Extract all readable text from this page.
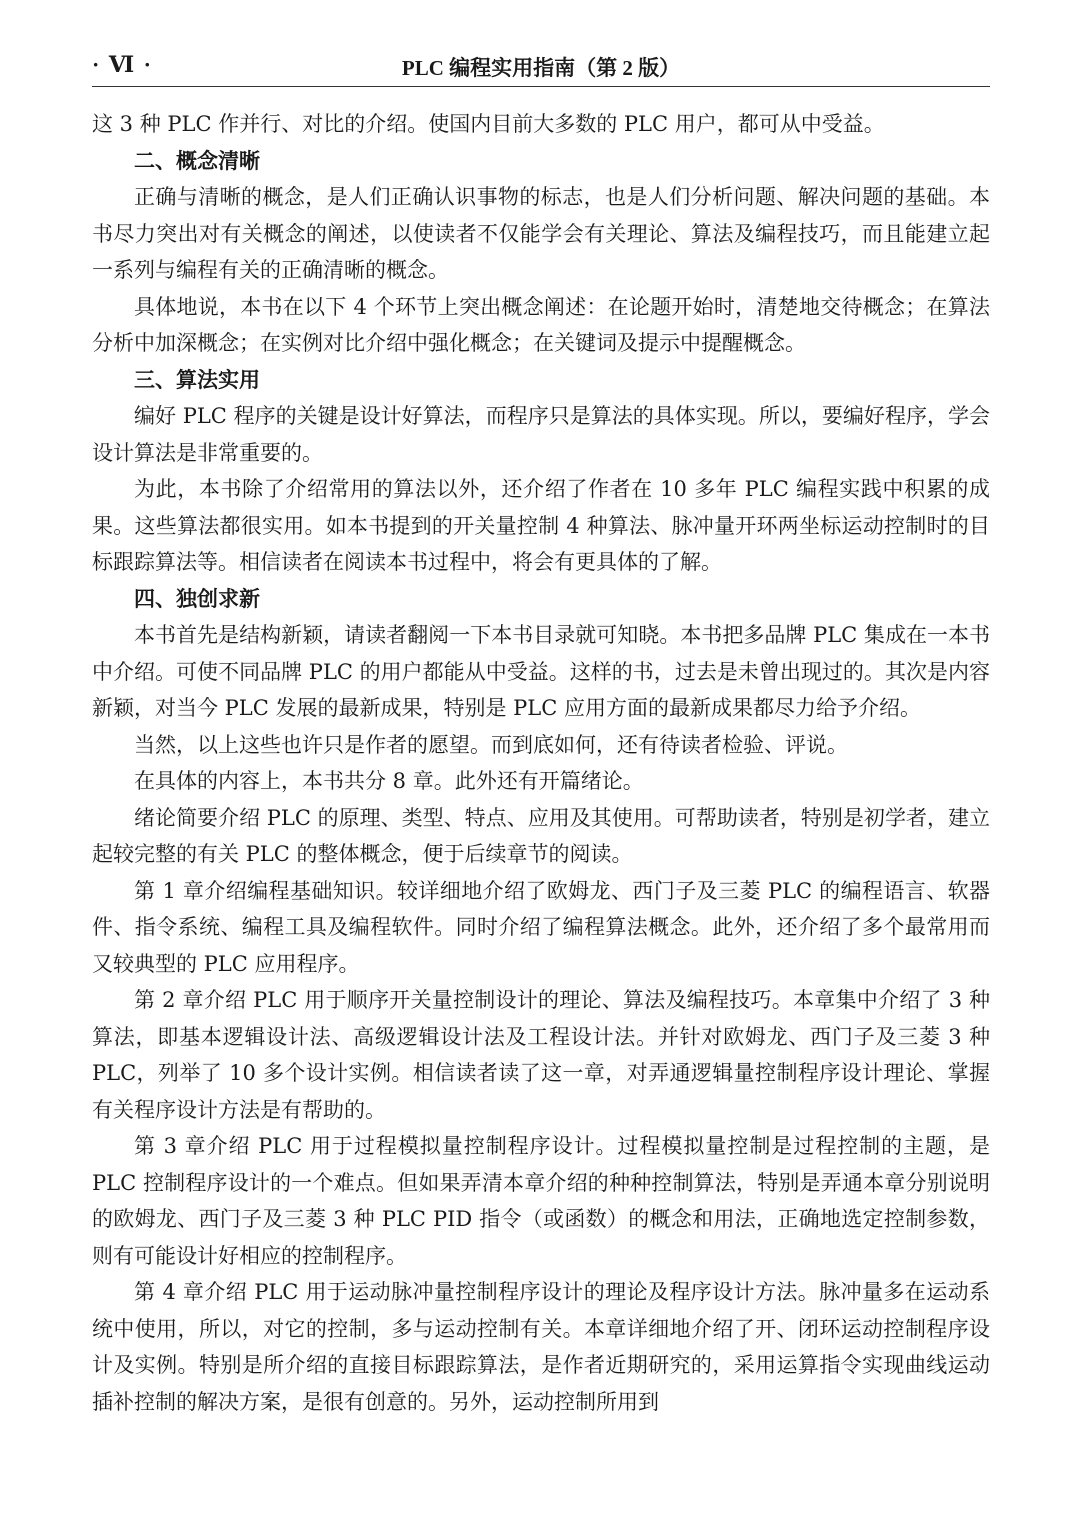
· Ⅵ ·	PLC 编程实用指南（第 2 版）

这 3 种 PLC 作并行、对比的介绍。使国内目前大多数的 PLC 用户，都可从中受益。

二、概念清晰

正确与清晰的概念，是人们正确认识事物的标志，也是人们分析问题、解决问题的基础。本书尽力突出对有关概念的阐述，以使读者不仅能学会有关理论、算法及编程技巧，而且能建立起一系列与编程有关的正确清晰的概念。

具体地说，本书在以下 4 个环节上突出概念阐述：在论题开始时，清楚地交待概念；在算法分析中加深概念；在实例对比介绍中强化概念；在关键词及提示中提醒概念。

三、算法实用

编好 PLC 程序的关键是设计好算法，而程序只是算法的具体实现。所以，要编好程序，学会设计算法是非常重要的。

为此，本书除了介绍常用的算法以外，还介绍了作者在 10 多年 PLC 编程实践中积累的成果。这些算法都很实用。如本书提到的开关量控制 4 种算法、脉冲量开环两坐标运动控制时的目标跟踪算法等。相信读者在阅读本书过程中，将会有更具体的了解。

四、独创求新

本书首先是结构新颖，请读者翻阅一下本书目录就可知晓。本书把多品牌 PLC 集成在一本书中介绍。可使不同品牌 PLC 的用户都能从中受益。这样的书，过去是未曾出现过的。其次是内容新颖，对当今 PLC 发展的最新成果，特别是 PLC 应用方面的最新成果都尽力给予介绍。

当然，以上这些也许只是作者的愿望。而到底如何，还有待读者检验、评说。

在具体的内容上，本书共分 8 章。此外还有开篇绪论。

绪论简要介绍 PLC 的原理、类型、特点、应用及其使用。可帮助读者，特别是初学者，建立起较完整的有关 PLC 的整体概念，便于后续章节的阅读。

第 1 章介绍编程基础知识。较详细地介绍了欧姆龙、西门子及三菱 PLC 的编程语言、软器件、指令系统、编程工具及编程软件。同时介绍了编程算法概念。此外，还介绍了多个最常用而又较典型的 PLC 应用程序。

第 2 章介绍 PLC 用于顺序开关量控制设计的理论、算法及编程技巧。本章集中介绍了 3 种算法，即基本逻辑设计法、高级逻辑设计法及工程设计法。并针对欧姆龙、西门子及三菱 3 种 PLC，列举了 10 多个设计实例。相信读者读了这一章，对弄通逻辑量控制程序设计理论、掌握有关程序设计方法是有帮助的。

第 3 章介绍 PLC 用于过程模拟量控制程序设计。过程模拟量控制是过程控制的主题，是 PLC 控制程序设计的一个难点。但如果弄清本章介绍的种种控制算法，特别是弄通本章分别说明的欧姆龙、西门子及三菱 3 种 PLC PID 指令（或函数）的概念和用法，正确地选定控制参数，则有可能设计好相应的控制程序。

第 4 章介绍 PLC 用于运动脉冲量控制程序设计的理论及程序设计方法。脉冲量多在运动系统中使用，所以，对它的控制，多与运动控制有关。本章详细地介绍了开、闭环运动控制程序设计及实例。特别是所介绍的直接目标跟踪算法，是作者近期研究的，采用运算指令实现曲线运动插补控制的解决方案，是很有创意的。另外，运动控制所用到
